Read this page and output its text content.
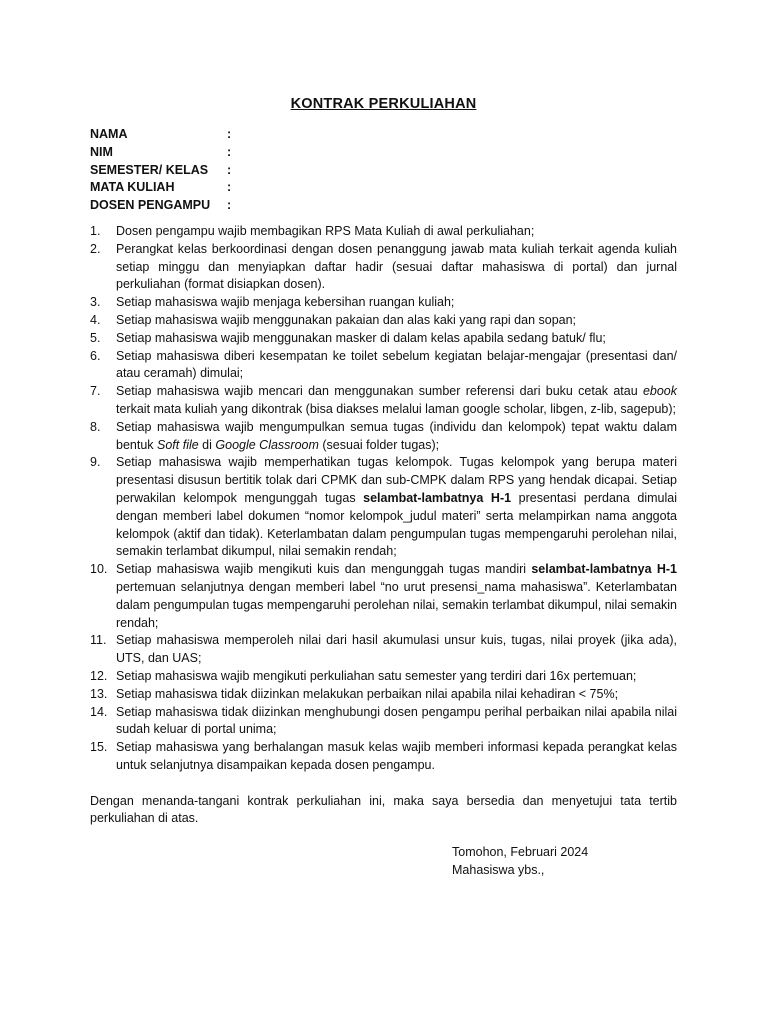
KONTRAK PERKULIAHAN
NAMA	:
NIM	:
SEMESTER/ KELAS	:
MATA KULIAH	:
DOSEN PENGAMPU	:
1.	Dosen pengampu wajib membagikan RPS Mata Kuliah di awal perkuliahan;
2.	Perangkat kelas berkoordinasi dengan dosen penanggung jawab mata kuliah terkait agenda kuliah setiap minggu dan menyiapkan daftar hadir (sesuai daftar mahasiswa di portal) dan jurnal perkuliahan (format disiapkan dosen).
3.	Setiap mahasiswa wajib menjaga kebersihan ruangan kuliah;
4.	Setiap mahasiswa wajib menggunakan pakaian dan alas kaki yang rapi dan sopan;
5.	Setiap mahasiswa wajib menggunakan masker di dalam kelas apabila sedang batuk/ flu;
6.	Setiap mahasiswa diberi kesempatan ke toilet sebelum kegiatan belajar-mengajar (presentasi dan/ atau ceramah) dimulai;
7.	Setiap mahasiswa wajib mencari dan menggunakan sumber referensi dari buku cetak atau ebook terkait mata kuliah yang dikontrak (bisa diakses melalui laman google scholar, libgen, z-lib, sagepub);
8.	Setiap mahasiswa wajib mengumpulkan semua tugas (individu dan kelompok) tepat waktu dalam bentuk Soft file di Google Classroom (sesuai folder tugas);
9.	Setiap mahasiswa wajib memperhatikan tugas kelompok. Tugas kelompok yang berupa materi presentasi disusun bertitik tolak dari CPMK dan sub-CMPK dalam RPS yang hendak dicapai. Setiap perwakilan kelompok mengunggah tugas selambat-lambatnya H-1 presentasi perdana dimulai dengan memberi label dokumen “nomor kelompok_judul materi” serta melampirkan nama anggota kelompok (aktif dan tidak). Keterlambatan dalam pengumpulan tugas mempengaruhi perolehan nilai, semakin terlambat dikumpul, nilai semakin rendah;
10. Setiap mahasiswa wajib mengikuti kuis dan mengunggah tugas mandiri selambat-lambatnya H-1 pertemuan selanjutnya dengan memberi label “no urut presensi_nama mahasiswa”. Keterlambatan dalam pengumpulan tugas mempengaruhi perolehan nilai, semakin terlambat dikumpul, nilai semakin rendah;
11. Setiap mahasiswa memperoleh nilai dari hasil akumulasi unsur kuis, tugas, nilai proyek (jika ada), UTS, dan UAS;
12. Setiap mahasiswa wajib mengikuti perkuliahan satu semester yang terdiri dari 16x pertemuan;
13. Setiap mahasiswa tidak diizinkan melakukan perbaikan nilai apabila nilai kehadiran < 75%;
14. Setiap mahasiswa tidak diizinkan menghubungi dosen pengampu perihal perbaikan nilai apabila nilai sudah keluar di portal unima;
15. Setiap mahasiswa yang berhalangan masuk kelas wajib memberi informasi kepada perangkat kelas untuk selanjutnya disampaikan kepada dosen pengampu.
Dengan menanda-tangani kontrak perkuliahan ini, maka saya bersedia dan menyetujui tata tertib perkuliahan di atas.
Tomohon, Februari 2024
Mahasiswa ybs.,
